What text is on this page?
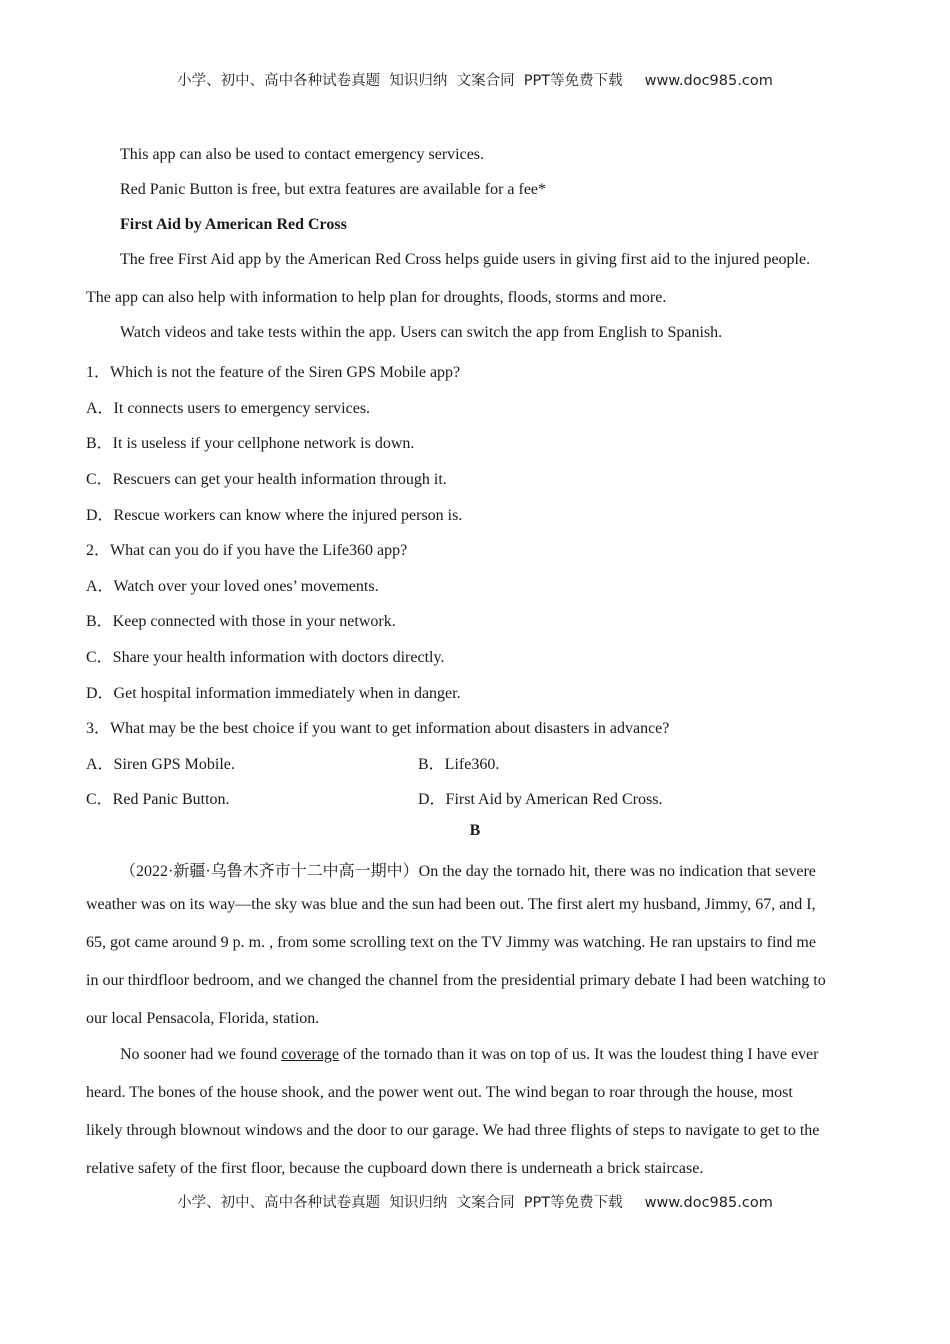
小学、初中、高中各种试卷真题  知识归纳  文案合同  PPT等免费下载 www.doc985.com
This app can also be used to contact emergency services.
Red Panic Button is free, but extra features are available for a fee*
First Aid by American Red Cross
The free First Aid app by the American Red Cross helps guide users in giving first aid to the injured people.
The app can also help with information to help plan for droughts, floods, storms and more.
Watch videos and take tests within the app. Users can switch the app from English to Spanish.
1．Which is not the feature of the Siren GPS Mobile app?
A．It connects users to emergency services.
B．It is useless if your cellphone network is down.
C．Rescuers can get your health information through it.
D．Rescue workers can know where the injured person is.
2．What can you do if you have the Life360 app?
A．Watch over your loved ones’ movements.
B．Keep connected with those in your network.
C．Share your health information with doctors directly.
D．Get hospital information immediately when in danger.
3．What may be the best choice if you want to get information about disasters in advance?
A．Siren GPS Mobile.	B．Life360.
C．Red Panic Button.	D．First Aid by American Red Cross.
B
（2022·新疆·乌鲁木齐市十二中高一期中）On the day the tornado hit, there was no indication that severe
weather was on its way—the sky was blue and the sun had been out. The first alert my husband, Jimmy, 67, and I,
65, got came around 9 p. m. , from some scrolling text on the TV Jimmy was watching. He ran upstairs to find me
in our thirdfloor bedroom, and we changed the channel from the presidential primary debate I had been watching to
our local Pensacola, Florida, station.
No sooner had we found coverage of the tornado than it was on top of us. It was the loudest thing I have ever
heard. The bones of the house shook, and the power went out. The wind began to roar through the house, most
likely through blownout windows and the door to our garage. We had three flights of steps to navigate to get to the
relative safety of the first floor, because the cupboard down there is underneath a brick staircase.
小学、初中、高中各种试卷真题  知识归纳  文案合同  PPT等免费下载 www.doc985.com
